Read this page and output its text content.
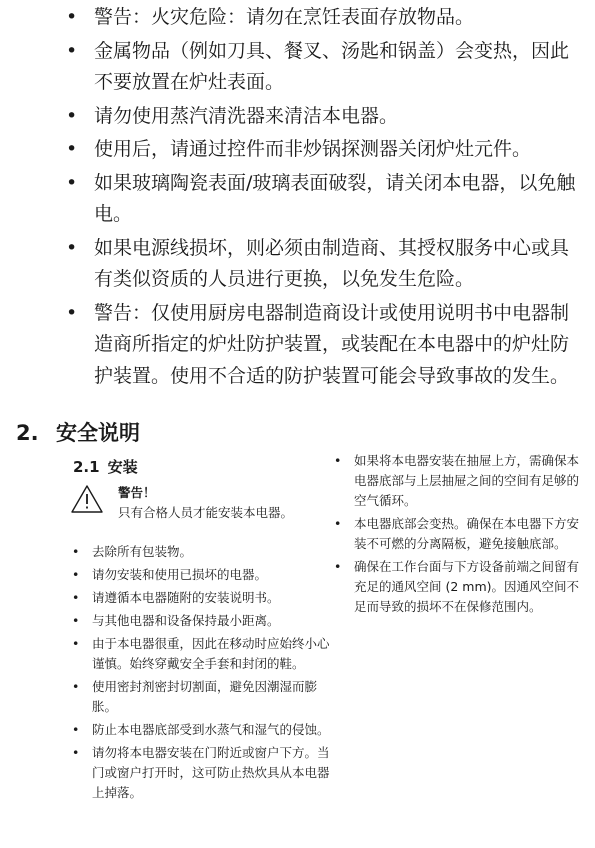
• 警告：火灾危险：请勿在烹饪表面存放物品。
• 金属物品（例如刀具、餐叉、汤匙和锅盖）会变热，因此不要放置在炉灶表面。
• 请勿使用蒸汽清洗器来清洁本电器。
• 使用后，请通过控件而非炒锅探测器关闭炉灶元件。
• 如果玻璃陶瓷表面/玻璃表面破裂，请关闭本电器，以免触电。
• 如果电源线损坏，则必须由制造商、其授权服务中心或具有类似资质的人员进行更换，以免发生危险。
• 警告：仅使用厨房电器制造商设计或使用说明书中电器制造商所指定的炉灶防护装置，或装配在本电器中的炉灶防护装置。使用不合适的防护装置可能会导致事故的发生。
2. 安全说明
2.1 安装
警告！
只有合格人员才能安装本电器。
• 去除所有包装物。
• 请勿安装和使用已损坏的电器。
• 请遵循本电器随附的安装说明书。
• 与其他电器和设备保持最小距离。
• 由于本电器很重，因此在移动时应始终小心谨慎。始终穿戴安全手套和封闭的鞋。
• 使用密封剂密封切割面，避免因潮湿而膨胀。
• 防止本电器底部受到水蒸气和湿气的侵蚀。
• 请勿将本电器安装在门附近或窗户下方。当门或窗户打开时，这可防止热炊具从本电器上掉落。
• 如果将本电器安装在抽屉上方，需确保本电器底部与上层抽屉之间的空间有足够的空气循环。
• 本电器底部会变热。确保在本电器下方安装不可燃的分离隔板，避免接触底部。
• 确保在工作台面与下方设备前端之间留有充足的通风空间 (2 mm)。因通风空间不足而导致的损坏不在保修范围内。
